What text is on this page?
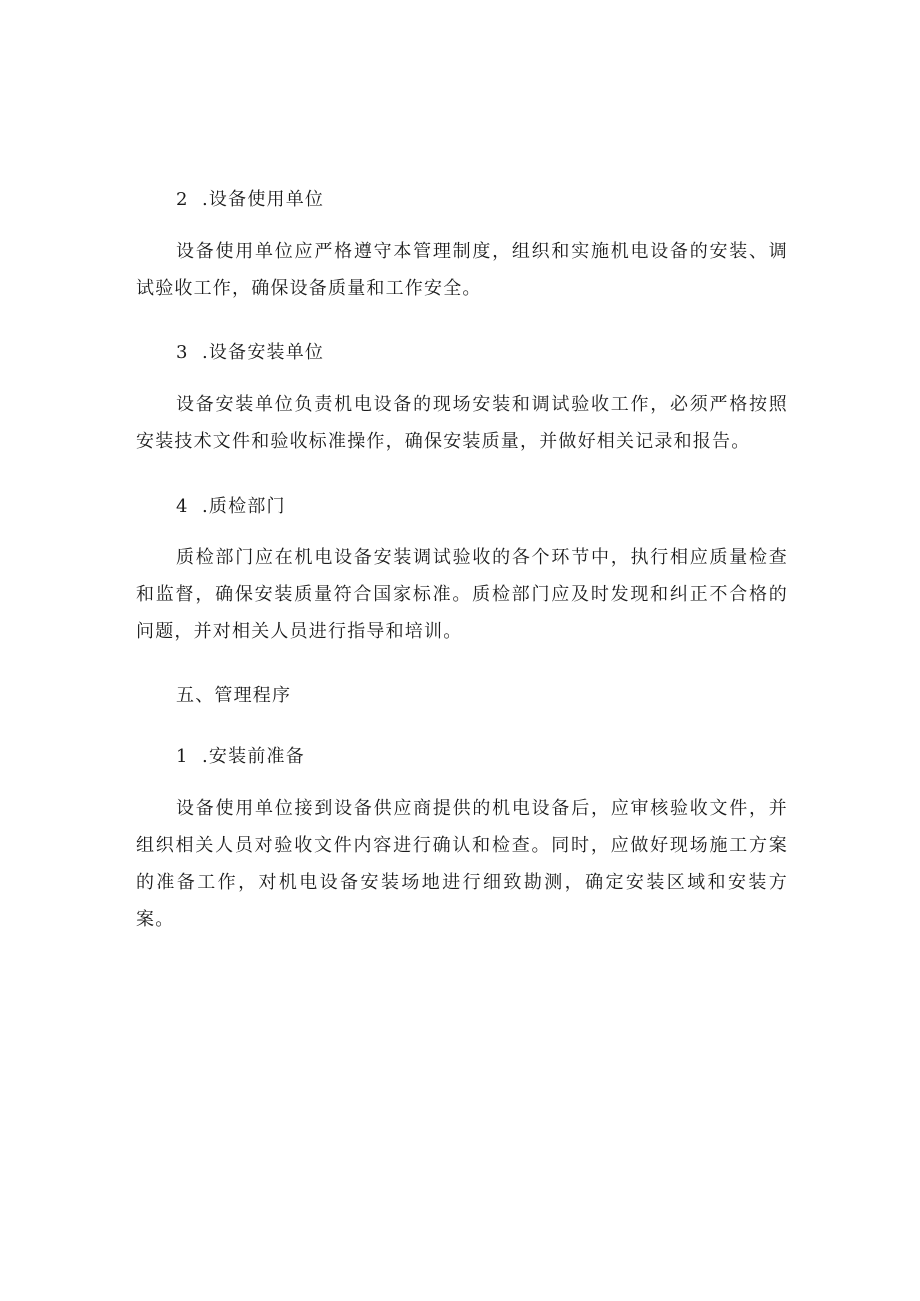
2 .设备使用单位

设备使用单位应严格遵守本管理制度，组织和实施机电设备的安装、调试验收工作，确保设备质量和工作安全。

3 .设备安装单位

设备安装单位负责机电设备的现场安装和调试验收工作，必须严格按照安装技术文件和验收标准操作，确保安装质量，并做好相关记录和报告。

4 .质检部门

质检部门应在机电设备安装调试验收的各个环节中，执行相应质量检查和监督，确保安装质量符合国家标准。质检部门应及时发现和纠正不合格的问题，并对相关人员进行指导和培训。

五、管理程序

1 .安装前准备

设备使用单位接到设备供应商提供的机电设备后，应审核验收文件，并组织相关人员对验收文件内容进行确认和检查。同时，应做好现场施工方案的准备工作，对机电设备安装场地进行细致勘测，确定安装区域和安装方案。
